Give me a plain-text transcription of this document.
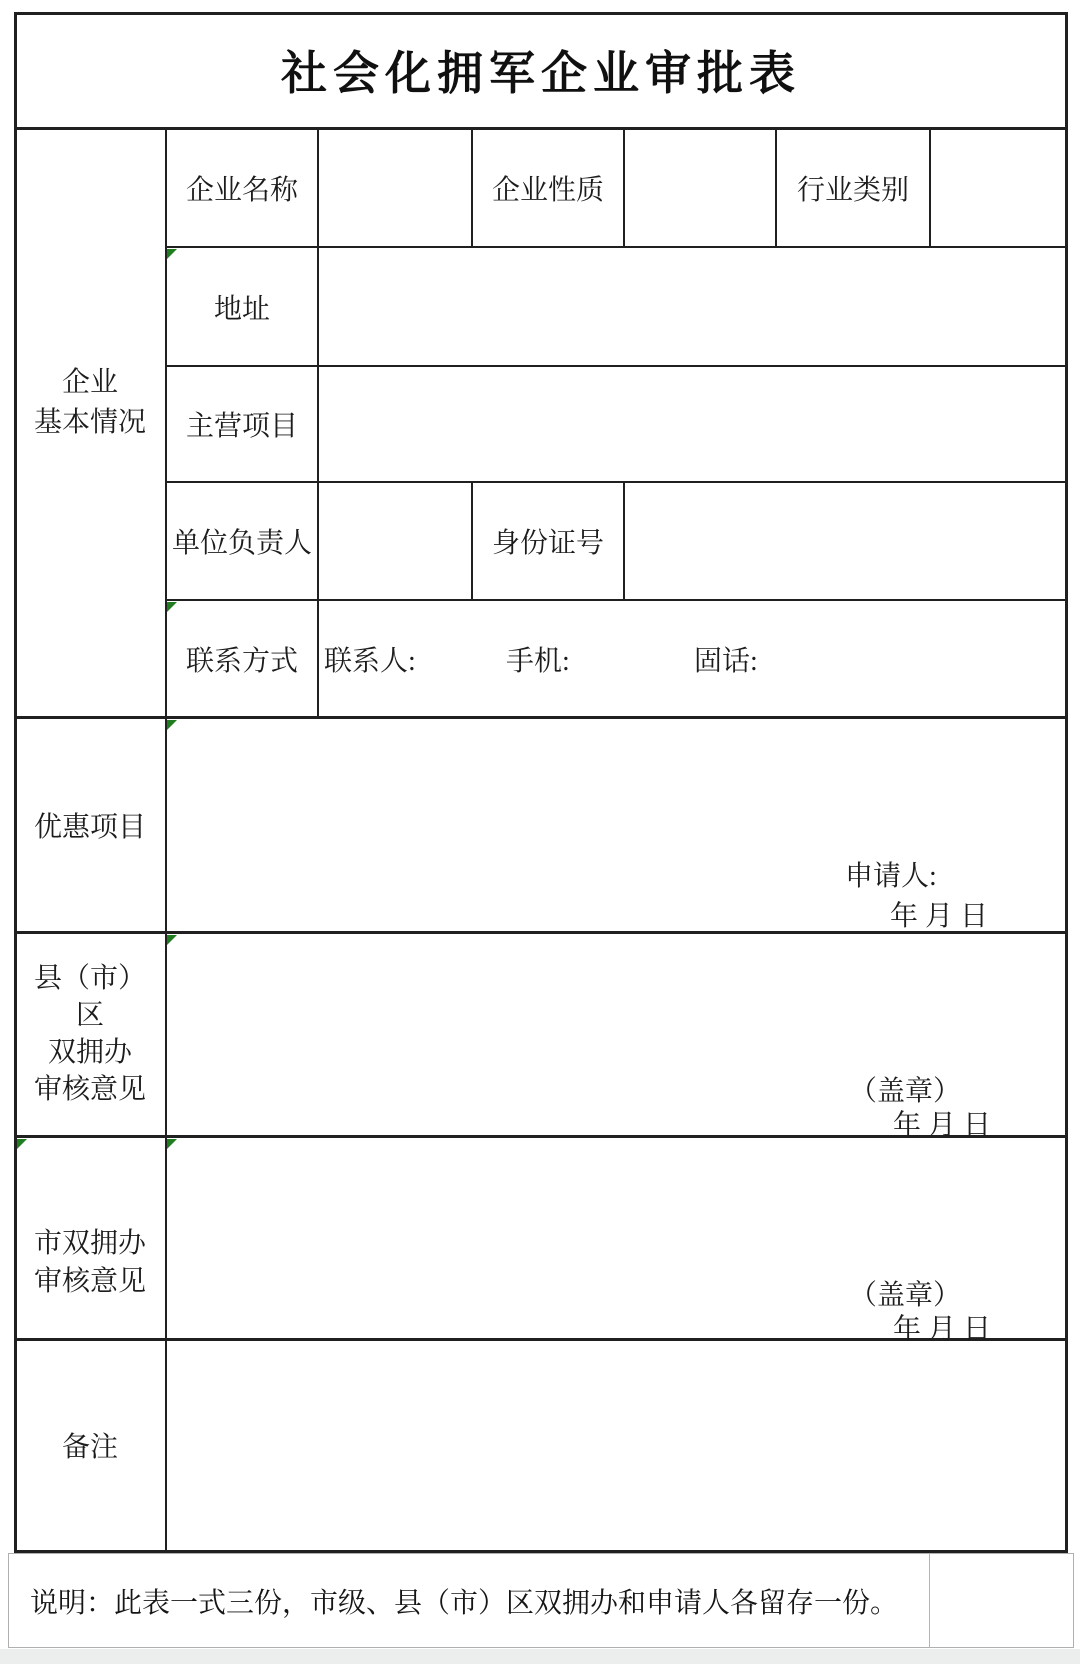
社会化拥军企业审批表
企业
基本情况
企业名称	企业性质	行业类别
地址
主营项目
单位负责人	身份证号
联系方式 联系人:	手机:	固话:
优惠项目
申请人:
年 月 日
县（市）
区
双拥办
审核意见	（盖章）
年 月 日
市双拥办
审核意见	（盖章）
年 月 日
备注
说明：此表一式三份，市级、县（市）区双拥办和申请人各留存一份。
